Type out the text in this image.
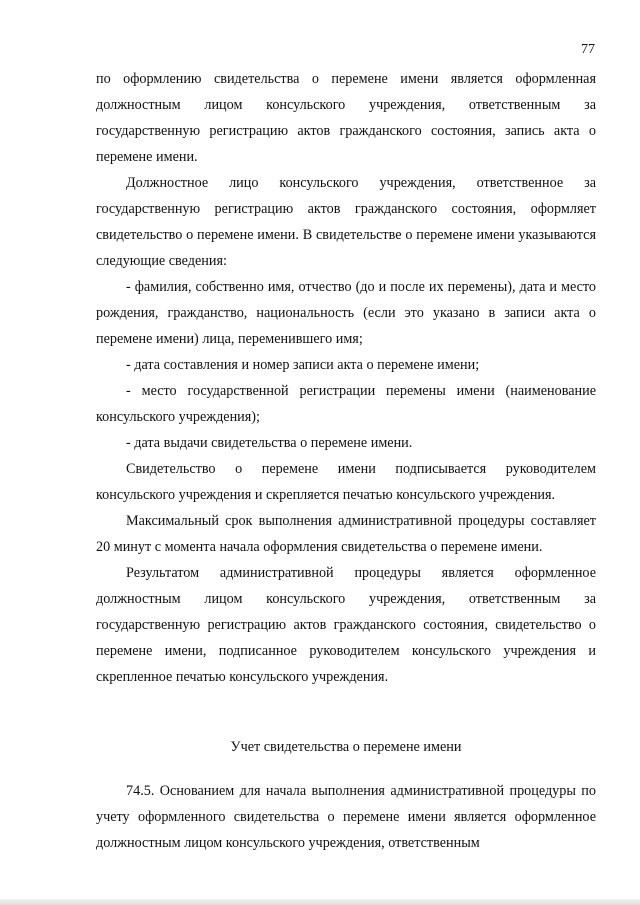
77

по оформлению свидетельства о перемене имени является оформленная должностным лицом консульского учреждения, ответственным за государственную регистрацию актов гражданского состояния, запись акта о перемене имени.

Должностное лицо консульского учреждения, ответственное за государственную регистрацию актов гражданского состояния, оформляет свидетельство о перемене имени. В свидетельстве о перемене имени указываются следующие сведения:

- фамилия, собственно имя, отчество (до и после их перемены), дата и место рождения, гражданство, национальность (если это указано в записи акта о перемене имени) лица, переменившего имя;

- дата составления и номер записи акта о перемене имени;

- место государственной регистрации перемены имени (наименование консульского учреждения);

- дата выдачи свидетельства о перемене имени.

Свидетельство о перемене имени подписывается руководителем консульского учреждения и скрепляется печатью консульского учреждения.

Максимальный срок выполнения административной процедуры составляет 20 минут с момента начала оформления свидетельства о перемене имени.

Результатом административной процедуры является оформленное должностным лицом консульского учреждения, ответственным за государственную регистрацию актов гражданского состояния, свидетельство о перемене имени, подписанное руководителем консульского учреждения и скрепленное печатью консульского учреждения.

Учет свидетельства о перемене имени

74.5. Основанием для начала выполнения административной процедуры по учету оформленного свидетельства о перемене имени является оформленное должностным лицом консульского учреждения, ответственным
